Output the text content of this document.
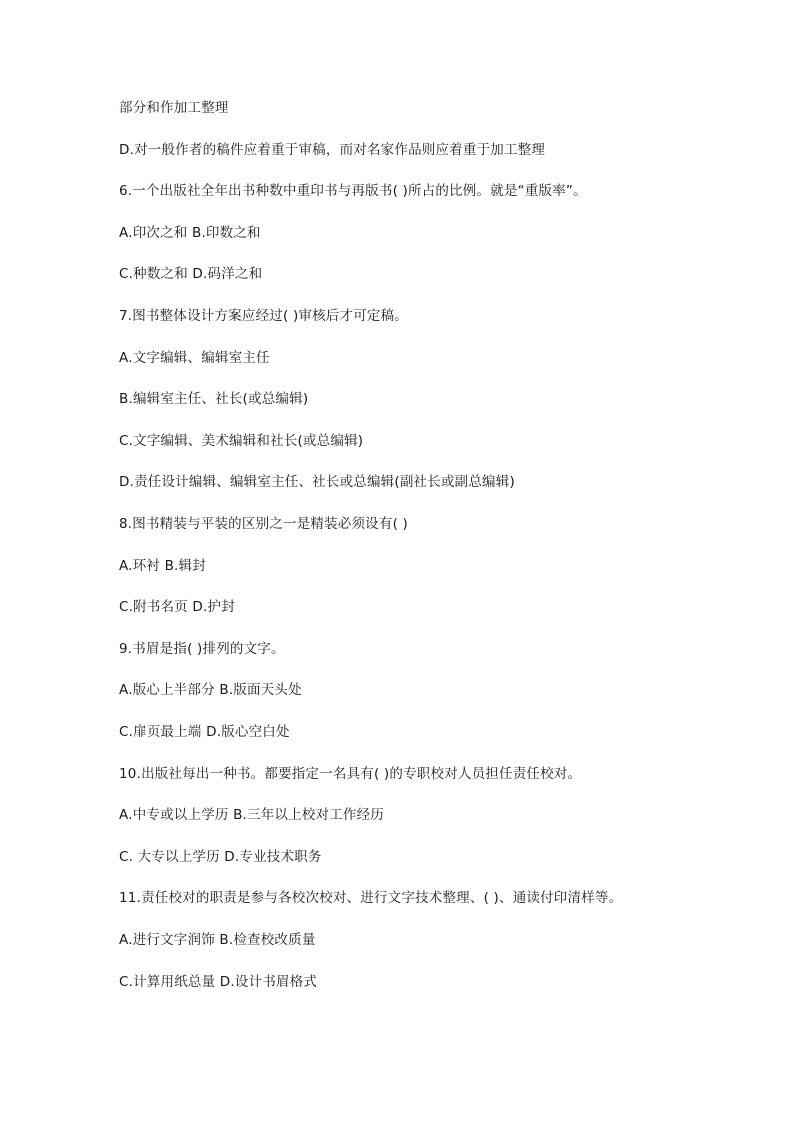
部分和作加工整理
D.对一般作者的稿件应着重于审稿，而对名家作品则应着重于加工整理
6.一个出版社全年出书种数中重印书与再版书( )所占的比例。就是“重版率”。
A.印次之和 B.印数之和
C.种数之和 D.码洋之和
7.图书整体设计方案应经过( )审核后才可定稿。
A.文字编辑、编辑室主任
B.编辑室主任、社长(或总编辑)
C.文字编辑、美术编辑和社长(或总编辑)
D.责任设计编辑、编辑室主任、社长或总编辑(副社长或副总编辑)
8.图书精装与平装的区别之一是精装必须设有( )
A.环衬 B.辑封
C.附书名页 D.护封
9.书眉是指( )排列的文字。
A.版心上半部分 B.版面天头处
C.扉页最上端 D.版心空白处
10.出版社每出一种书。都要指定一名具有( )的专职校对人员担任责任校对。
A.中专或以上学历 B.三年以上校对工作经历
C. 大专以上学历 D.专业技术职务
11.责任校对的职责是参与各校次校对、进行文字技术整理、( )、通读付印清样等。
A.进行文字润饰 B.检查校改质量
C.计算用纸总量 D.设计书眉格式
